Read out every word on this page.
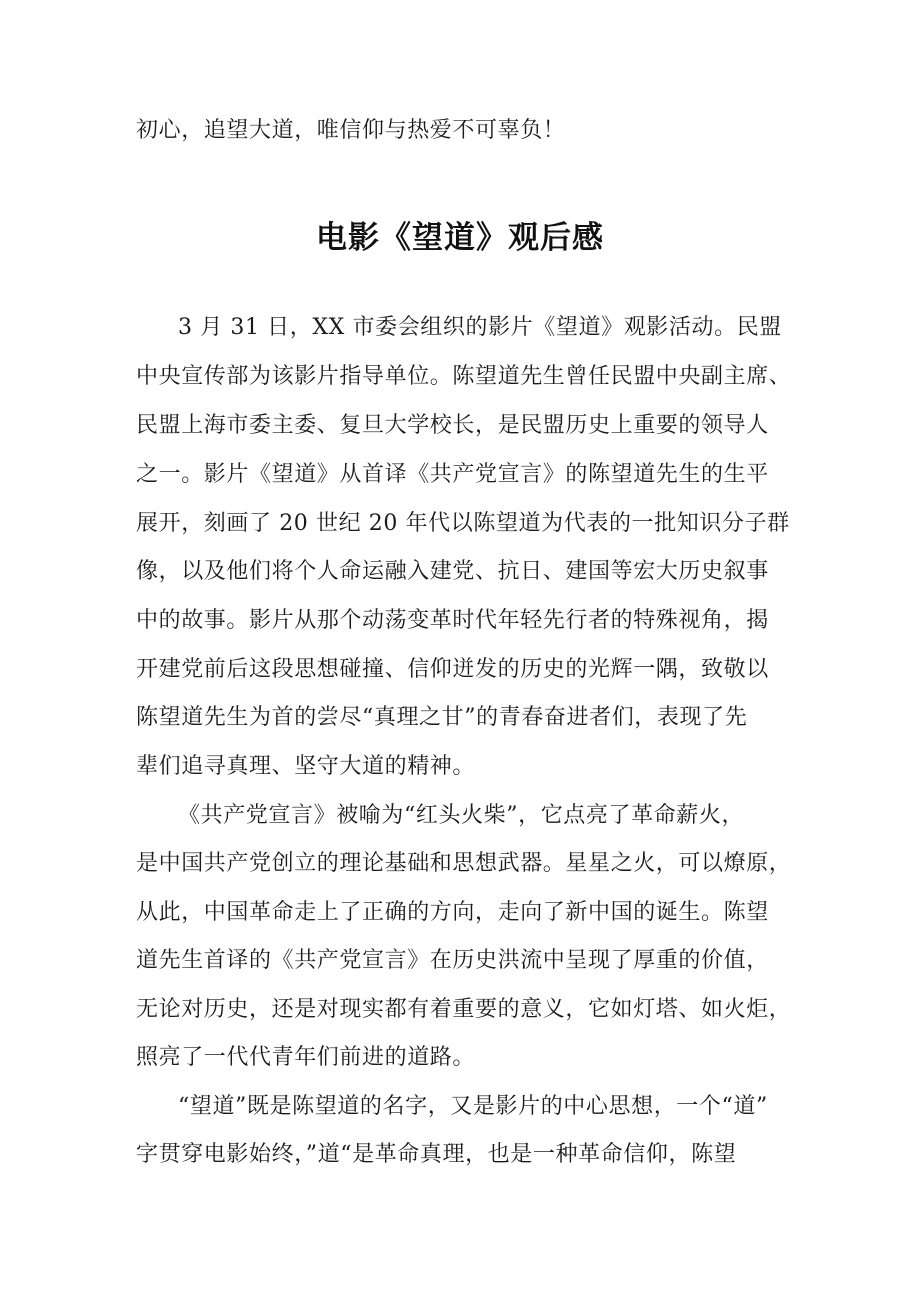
初心，追望大道，唯信仰与热爱不可辜负！
电影《望道》观后感
3 月 31 日，XX 市委会组织的影片《望道》观影活动。民盟
中央宣传部为该影片指导单位。陈望道先生曾任民盟中央副主席、
民盟上海市委主委、复旦大学校长，是民盟历史上重要的领导人
之一。影片《望道》从首译《共产党宣言》的陈望道先生的生平
展开，刻画了 20 世纪 20 年代以陈望道为代表的一批知识分子群
像，以及他们将个人命运融入建党、抗日、建国等宏大历史叙事
中的故事。影片从那个动荡变革时代年轻先行者的特殊视角，揭
开建党前后这段思想碰撞、信仰迸发的历史的光辉一隅，致敬以
陈望道先生为首的尝尽“真理之甘”的青春奋进者们，表现了先
辈们追寻真理、坚守大道的精神。
《共产党宣言》被喻为“红头火柴”，它点亮了革命薪火，
是中国共产党创立的理论基础和思想武器。星星之火，可以燎原，
从此，中国革命走上了正确的方向，走向了新中国的诞生。陈望
道先生首译的《共产党宣言》在历史洪流中呈现了厚重的价值，
无论对历史，还是对现实都有着重要的意义，它如灯塔、如火炬，
照亮了一代代青年们前进的道路。
“望道”既是陈望道的名字，又是影片的中心思想，一个“道”
字贯穿电影始终，”道“是革命真理，也是一种革命信仰，陈望
